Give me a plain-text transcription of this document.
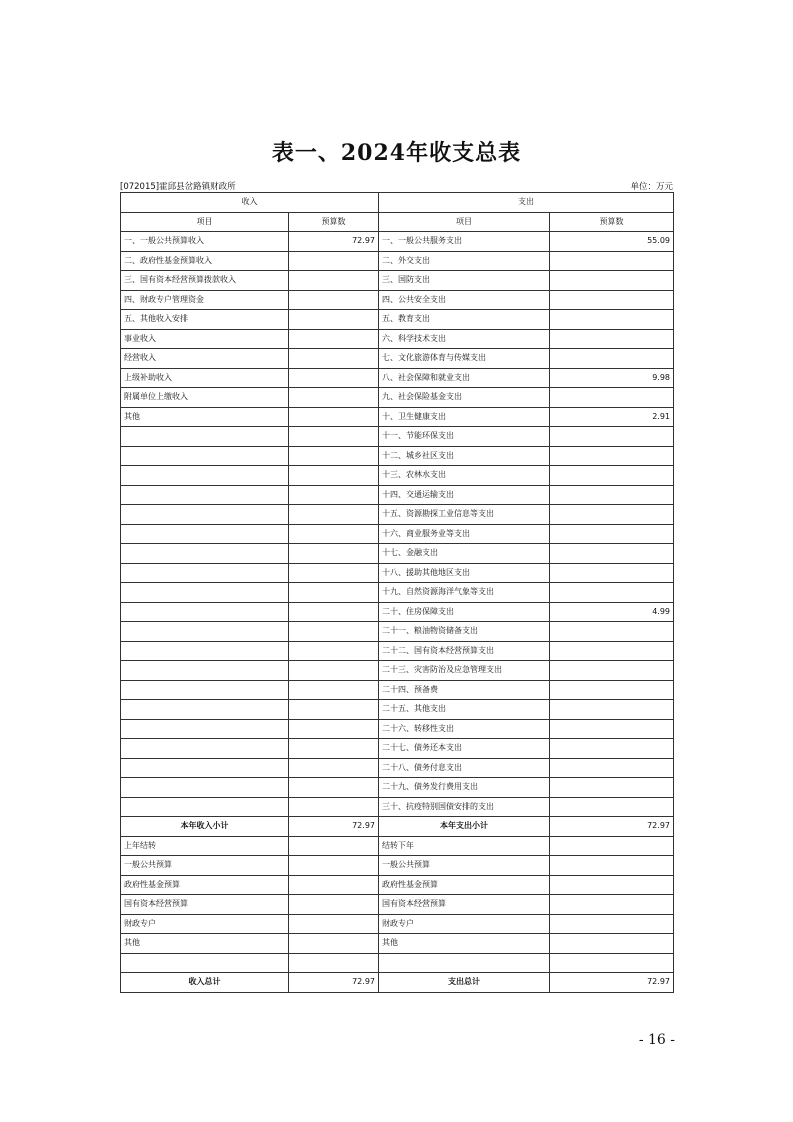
表一、2024年收支总表
[072015]霍邱县岔路镇财政所	单位：万元
收入		支出	
项目	预算数	项目	预算数
一、一般公共预算收入	72.97	一、一般公共服务支出	55.09
二、政府性基金预算收入		二、外交支出	
三、国有资本经营预算拨款收入		三、国防支出	
四、财政专户管理资金		四、公共安全支出	
五、其他收入安排		五、教育支出	
事业收入		六、科学技术支出	
经营收入		七、文化旅游体育与传媒支出	
上级补助收入		八、社会保障和就业支出	9.98
附属单位上缴收入		九、社会保险基金支出	
其他		十、卫生健康支出	2.91
		十一、节能环保支出	
		十二、城乡社区支出	
		十三、农林水支出	
		十四、交通运输支出	
		十五、资源勘探工业信息等支出	
		十六、商业服务业等支出	
		十七、金融支出	
		十八、援助其他地区支出	
		十九、自然资源海洋气象等支出	
		二十、住房保障支出	4.99
		二十一、粮油物资储备支出	
		二十二、国有资本经营预算支出	
		二十三、灾害防治及应急管理支出	
		二十四、预备费	
		二十五、其他支出	
		二十六、转移性支出	
		二十七、债务还本支出	
		二十八、债务付息支出	
		二十九、债务发行费用支出	
		三十、抗疫特别国债安排的支出	
本年收入小计	72.97	本年支出小计	72.97
上年结转		结转下年	
一般公共预算		一般公共预算	
政府性基金预算		政府性基金预算	
国有资本经营预算		国有资本经营预算	
财政专户		财政专户	
其他		其他	

收入总计	72.97	支出总计	72.97
- 16 -
